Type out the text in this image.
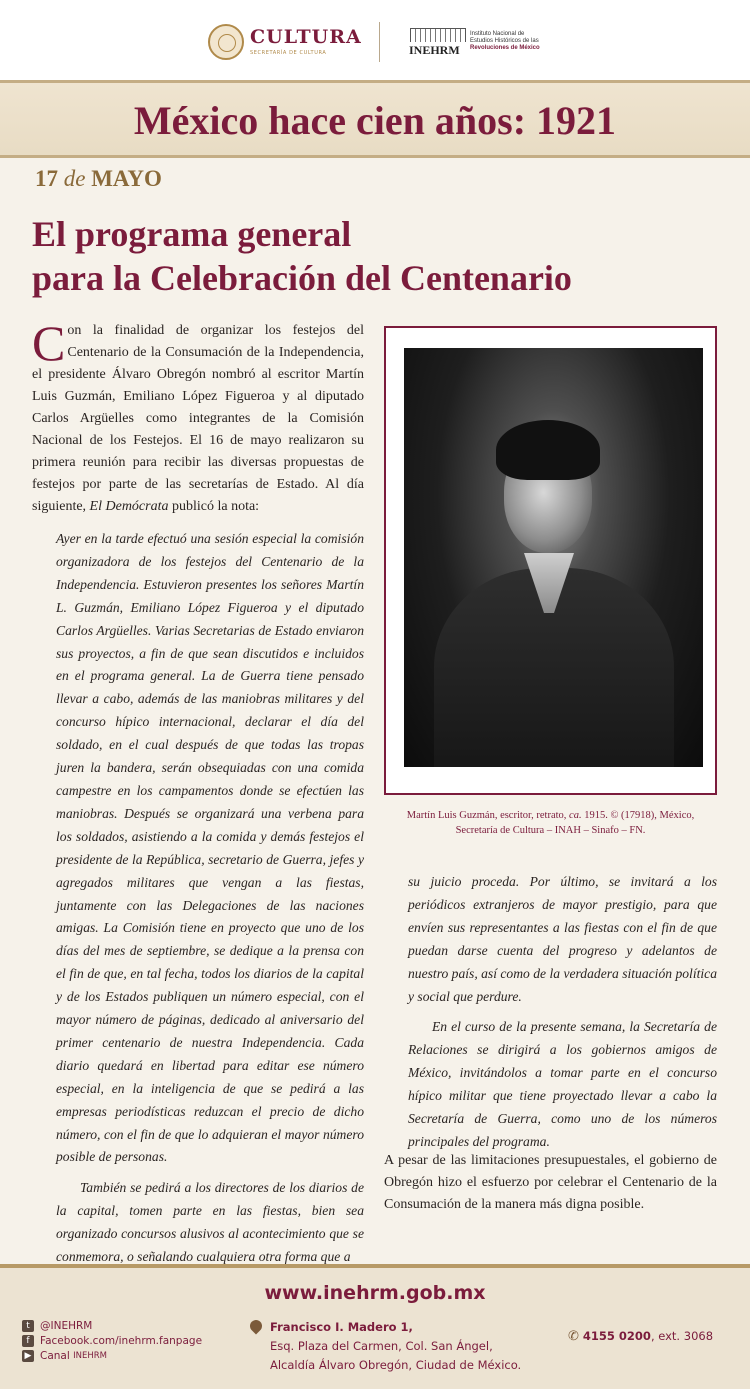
CULTURA
SECRETARÍA DE CULTURA	INEHRM
Instituto Nacional de
Estudios Históricos de las
Revoluciones de México
México hace cien años: 1921
17 de MAYO
El programa general
para la Celebración del Centenario

Con la finalidad de organizar los festejos del Centenario de la Consumación de la Independencia, el presidente Álvaro Obregón nombró al escritor Martín Luis Guzmán, Emiliano López Figueroa y al diputado Carlos Argüelles como integrantes de la Comisión Nacional de los Festejos. El 16 de mayo realizaron su primera reunión para recibir las diversas propuestas de festejos por parte de las secretarías de Estado. Al día siguiente, El Demócrata publicó la nota:

Ayer en la tarde efectuó una sesión especial la comisión organizadora de los festejos del Centenario de la Independencia. Estuvieron presentes los señores Martín L. Guzmán, Emiliano López Figueroa y el diputado Carlos Argüelles. Varias Secretarias de Estado enviaron sus proyectos, a fin de que sean discutidos e incluidos en el programa general. La de Guerra tiene pensado llevar a cabo, además de las maniobras militares y del concurso hípico internacional, declarar el día del soldado, en el cual después de que todas las tropas juren la bandera, serán obsequiadas con una comida campestre en los campamentos donde se efectúen las maniobras. Después se organizará una verbena para los soldados, asistiendo a la comida y demás festejos el presidente de la República, secretario de Guerra, jefes y agregados militares que vengan a las fiestas, juntamente con las Delegaciones de las naciones amigas. La Comisión tiene en proyecto que uno de los días del mes de septiembre, se dedique a la prensa con el fin de que, en tal fecha, todos los diarios de la capital y de los Estados publiquen un número especial, con el mayor número de páginas, dedicado al aniversario del primer centenario de nuestra Independencia. Cada diario quedará en libertad para editar ese número especial, en la inteligencia de que se pedirá a las empresas periodísticas reduzcan el precio de dicho número, con el fin de que lo adquieran el mayor número posible de personas.

También se pedirá a los directores de los diarios de la capital, tomen parte en las fiestas, bien sea organizado concursos alusivos al acontecimiento que se conmemora, o señalando cualquiera otra forma que a

Martín Luis Guzmán, escritor, retrato, ca. 1915. © (17918), México,
Secretaría de Cultura – INAH – Sinafo – FN.

su juicio proceda. Por último, se invitará a los periódicos extranjeros de mayor prestigio, para que envíen sus representantes a las fiestas con el fin de que puedan darse cuenta del progreso y adelantos de nuestro país, así como de la verdadera situación política y social que perdure.

En el curso de la presente semana, la Secretaría de Relaciones se dirigirá a los gobiernos amigos de México, invitándolos a tomar parte en el concurso hípico militar que tiene proyectado llevar a cabo la Secretaría de Guerra, como uno de los números principales del programa.

A pesar de las limitaciones presupuestales, el gobierno de Obregón hizo el esfuerzo por celebrar el Centenario de la Consumación de la manera más digna posible.
www.inehrm.gob.mx
t @INEHRM
f Facebook.com/inehrm.fanpage
▶ Canal
INEHRM
Francisco I. Madero 1,
Esq. Plaza del Carmen, Col. San Ángel,
Alcaldía Álvaro Obregón, Ciudad de México.
✆ 4155 0200, ext. 3068
